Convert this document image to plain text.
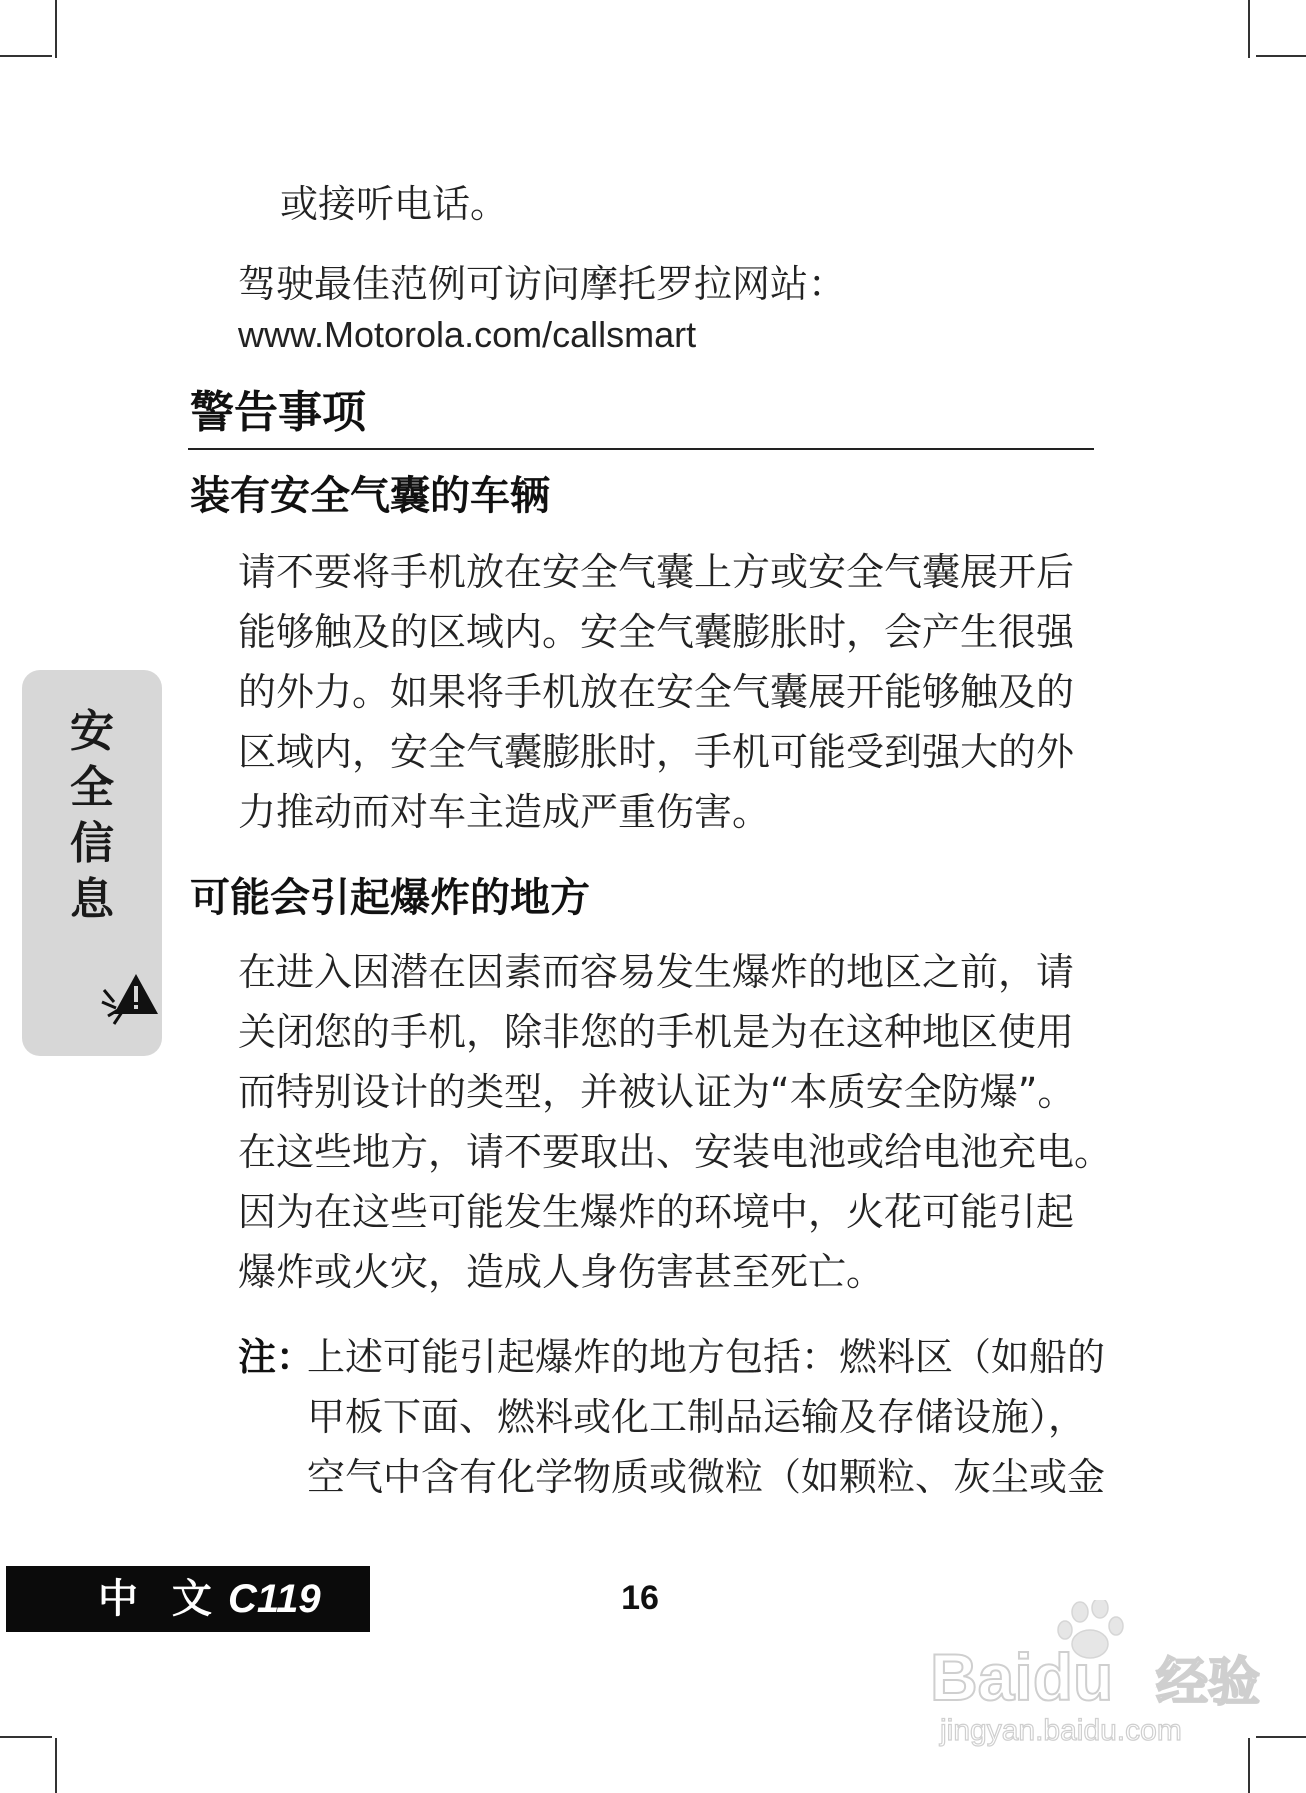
或接听电话。
驾驶最佳范例可访问摩托罗拉网站：
www.Motorola.com/callsmart
警告事项
装有安全气囊的车辆
请不要将手机放在安全气囊上方或安全气囊展开后
能够触及的区域内。安全气囊膨胀时，会产生很强
的外力。如果将手机放在安全气囊展开能够触及的
区域内，安全气囊膨胀时，手机可能受到强大的外
力推动而对车主造成严重伤害。
可能会引起爆炸的地方
在进入因潜在因素而容易发生爆炸的地区之前，请
关闭您的手机，除非您的手机是为在这种地区使用
而特别设计的类型，并被认证为“本质安全防爆”。
在这些地方，请不要取出、安装电池或给电池充电。
因为在这些可能发生爆炸的环境中，火花可能引起
爆炸或火灾，造成人身伤害甚至死亡。
注：
上述可能引起爆炸的地方包括：燃料区（如船的
甲板下面、燃料或化工制品运输及存储设施），
空气中含有化学物质或微粒（如颗粒、灰尘或金
安
全
信
息
中 文 C119	16
Baidu 经验
jingyan.baidu.com
